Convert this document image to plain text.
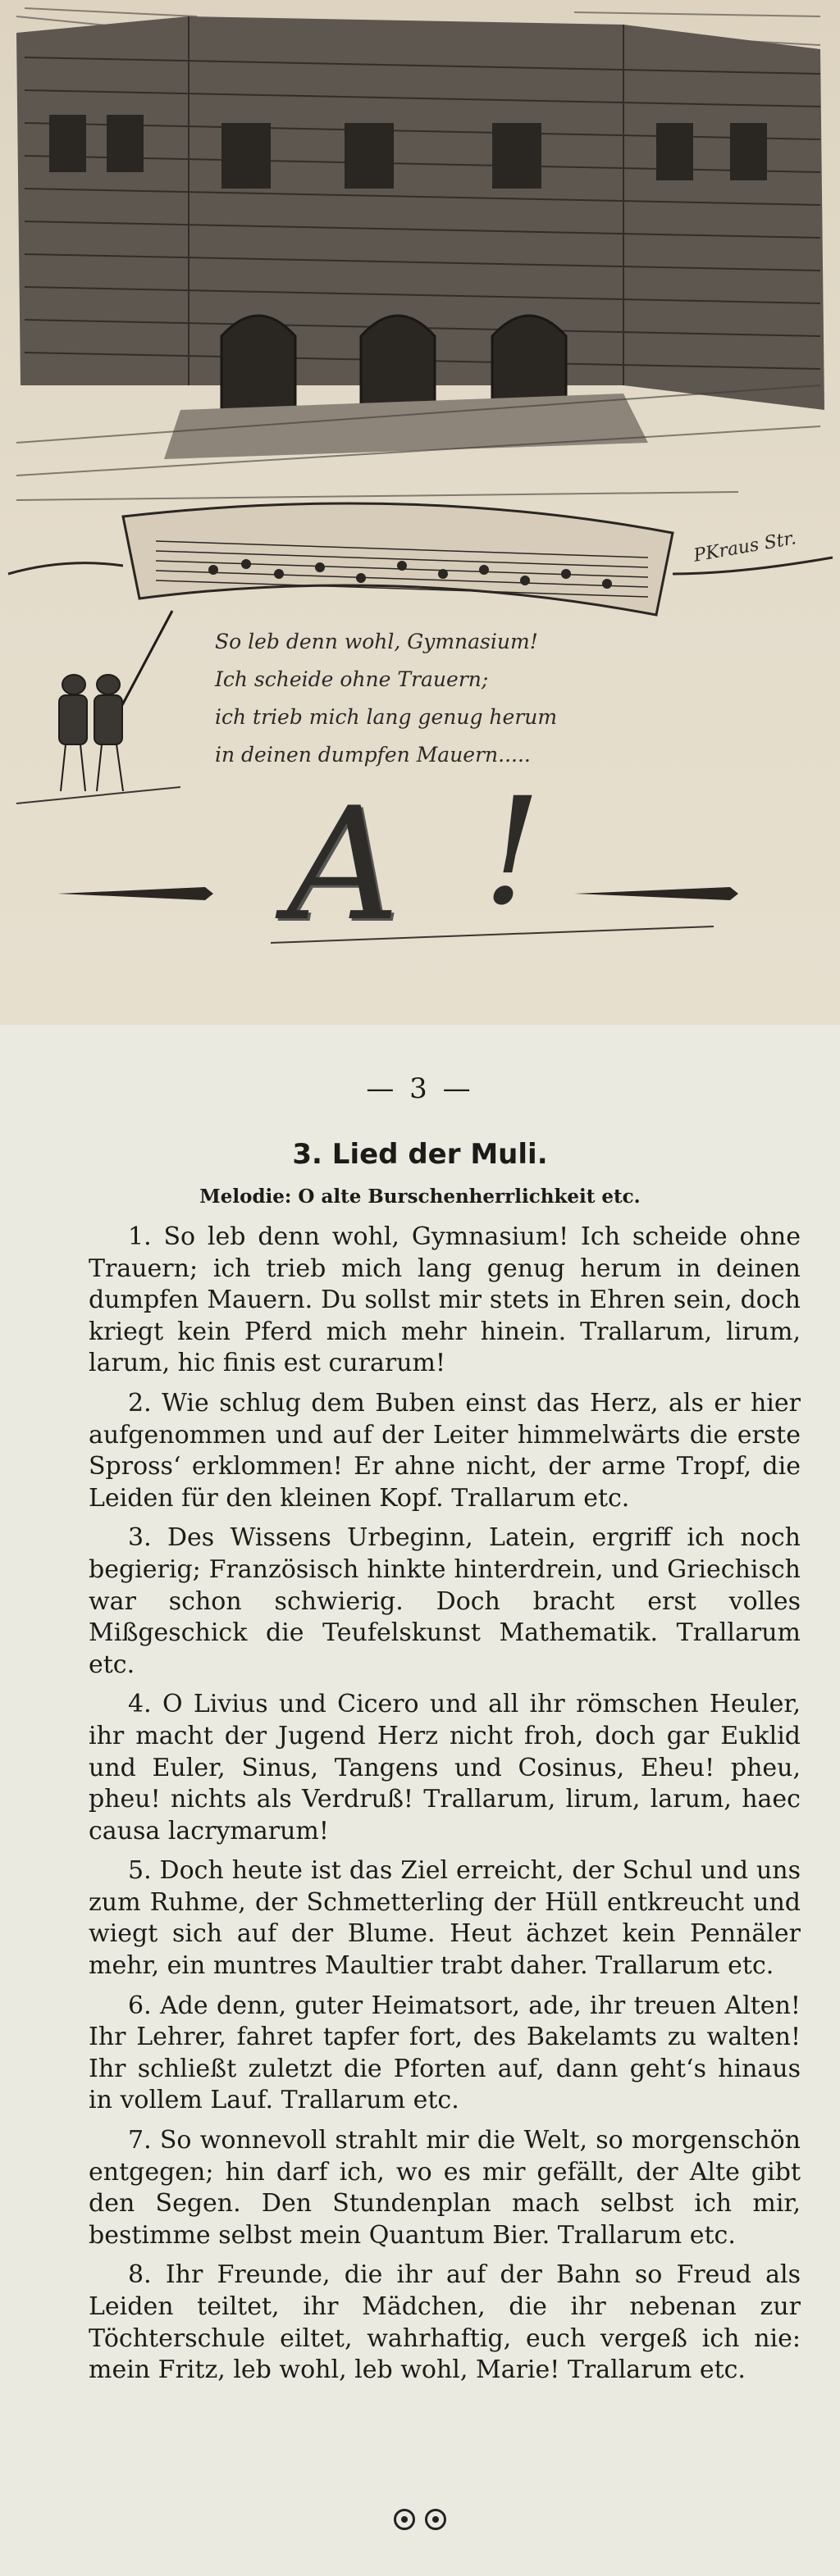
PKraus Str.
So leb denn wohl, Gymnasium!
Ich scheide ohne Trauern;
ich trieb mich lang genug herum
in deinen dumpfen Mauern.....
A !
— 3 —
3. Lied der Muli.
Melodie: O alte Burschenherrlichkeit etc.

1. So leb denn wohl, Gymnasium! Ich scheide ohne Trauern; ich trieb mich lang genug herum in deinen dumpfen Mauern. Du sollst mir stets in Ehren sein, doch kriegt kein Pferd mich mehr hinein. Trallarum, lirum, larum, hic finis est curarum!

2. Wie schlug dem Buben einst das Herz, als er hier aufgenommen und auf der Leiter himmelwärts die erste Spross‘ erklommen! Er ahne nicht, der arme Tropf, die Leiden für den kleinen Kopf. Trallarum etc.

3. Des Wissens Urbeginn, Latein, ergriff ich noch begierig; Französisch hinkte hinterdrein, und Griechisch war schon schwierig. Doch bracht erst volles Mißgeschick die Teufelskunst Mathematik. Trallarum etc.

4. O Livius und Cicero und all ihr römschen Heuler, ihr macht der Jugend Herz nicht froh, doch gar Euklid und Euler, Sinus, Tangens und Cosinus, Eheu! pheu, pheu! nichts als Verdruß! Trallarum, lirum, larum, haec causa lacrymarum!

5. Doch heute ist das Ziel erreicht, der Schul und uns zum Ruhme, der Schmetterling der Hüll entkreucht und wiegt sich auf der Blume. Heut ächzet kein Pennäler mehr, ein muntres Maultier trabt daher. Trallarum etc.

6. Ade denn, guter Heimatsort, ade, ihr treuen Alten! Ihr Lehrer, fahret tapfer fort, des Bakelamts zu walten! Ihr schließt zuletzt die Pforten auf, dann geht‘s hinaus in vollem Lauf. Trallarum etc.

7. So wonnevoll strahlt mir die Welt, so morgenschön entgegen; hin darf ich, wo es mir gefällt, der Alte gibt den Segen. Den Stundenplan mach selbst ich mir, bestimme selbst mein Quantum Bier. Trallarum etc.

8. Ihr Freunde, die ihr auf der Bahn so Freud als Leiden teiltet, ihr Mädchen, die ihr nebenan zur Töchterschule eiltet, wahrhaftig, euch vergeß ich nie: mein Fritz, leb wohl, leb wohl, Marie! Trallarum etc.
